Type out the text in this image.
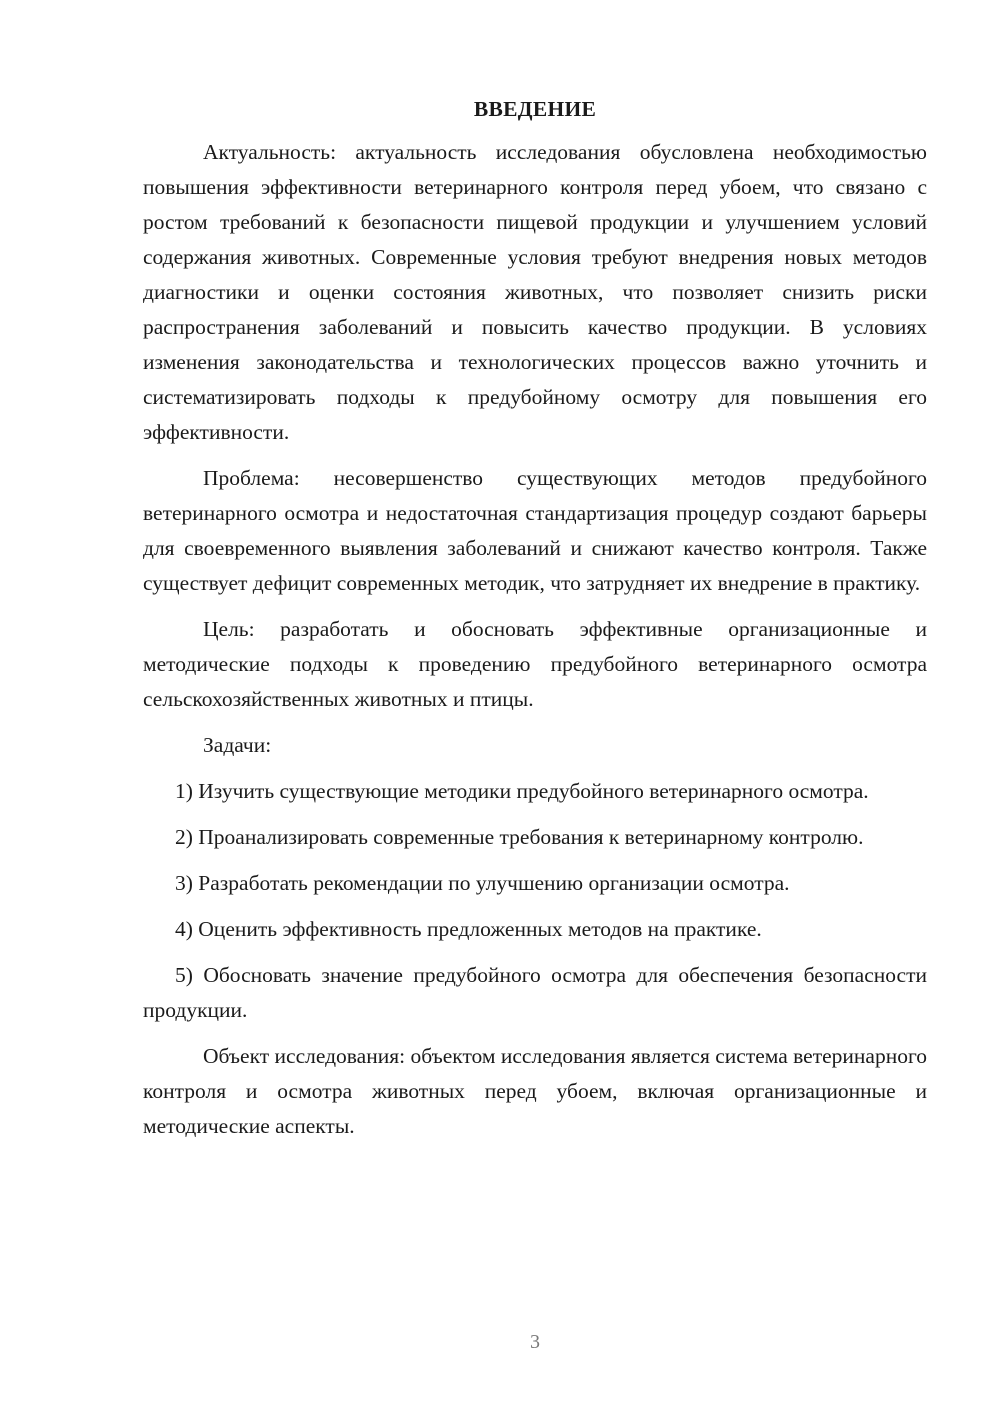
ВВЕДЕНИЕ

Актуальность: актуальность исследования обусловлена необходимостью повышения эффективности ветеринарного контроля перед убоем, что связано с ростом требований к безопасности пищевой продукции и улучшением условий содержания животных. Современные условия требуют внедрения новых методов диагностики и оценки состояния животных, что позволяет снизить риски распространения заболеваний и повысить качество продукции. В условиях изменения законодательства и технологических процессов важно уточнить и систематизировать подходы к предубойному осмотру для повышения его эффективности.

Проблема: несовершенство существующих методов предубойного ветеринарного осмотра и недостаточная стандартизация процедур создают барьеры для своевременного выявления заболеваний и снижают качество контроля. Также существует дефицит современных методик, что затрудняет их внедрение в практику.

Цель: разработать и обосновать эффективные организационные и методические подходы к проведению предубойного ветеринарного осмотра сельскохозяйственных животных и птицы.

Задачи:

1) Изучить существующие методики предубойного ветеринарного осмотра.

2) Проанализировать современные требования к ветеринарному контролю.

3) Разработать рекомендации по улучшению организации осмотра.

4) Оценить эффективность предложенных методов на практике.

5) Обосновать значение предубойного осмотра для обеспечения безопасности продукции.

Объект исследования: объектом исследования является система ветеринарного контроля и осмотра животных перед убоем, включая организационные и методические аспекты.

3
